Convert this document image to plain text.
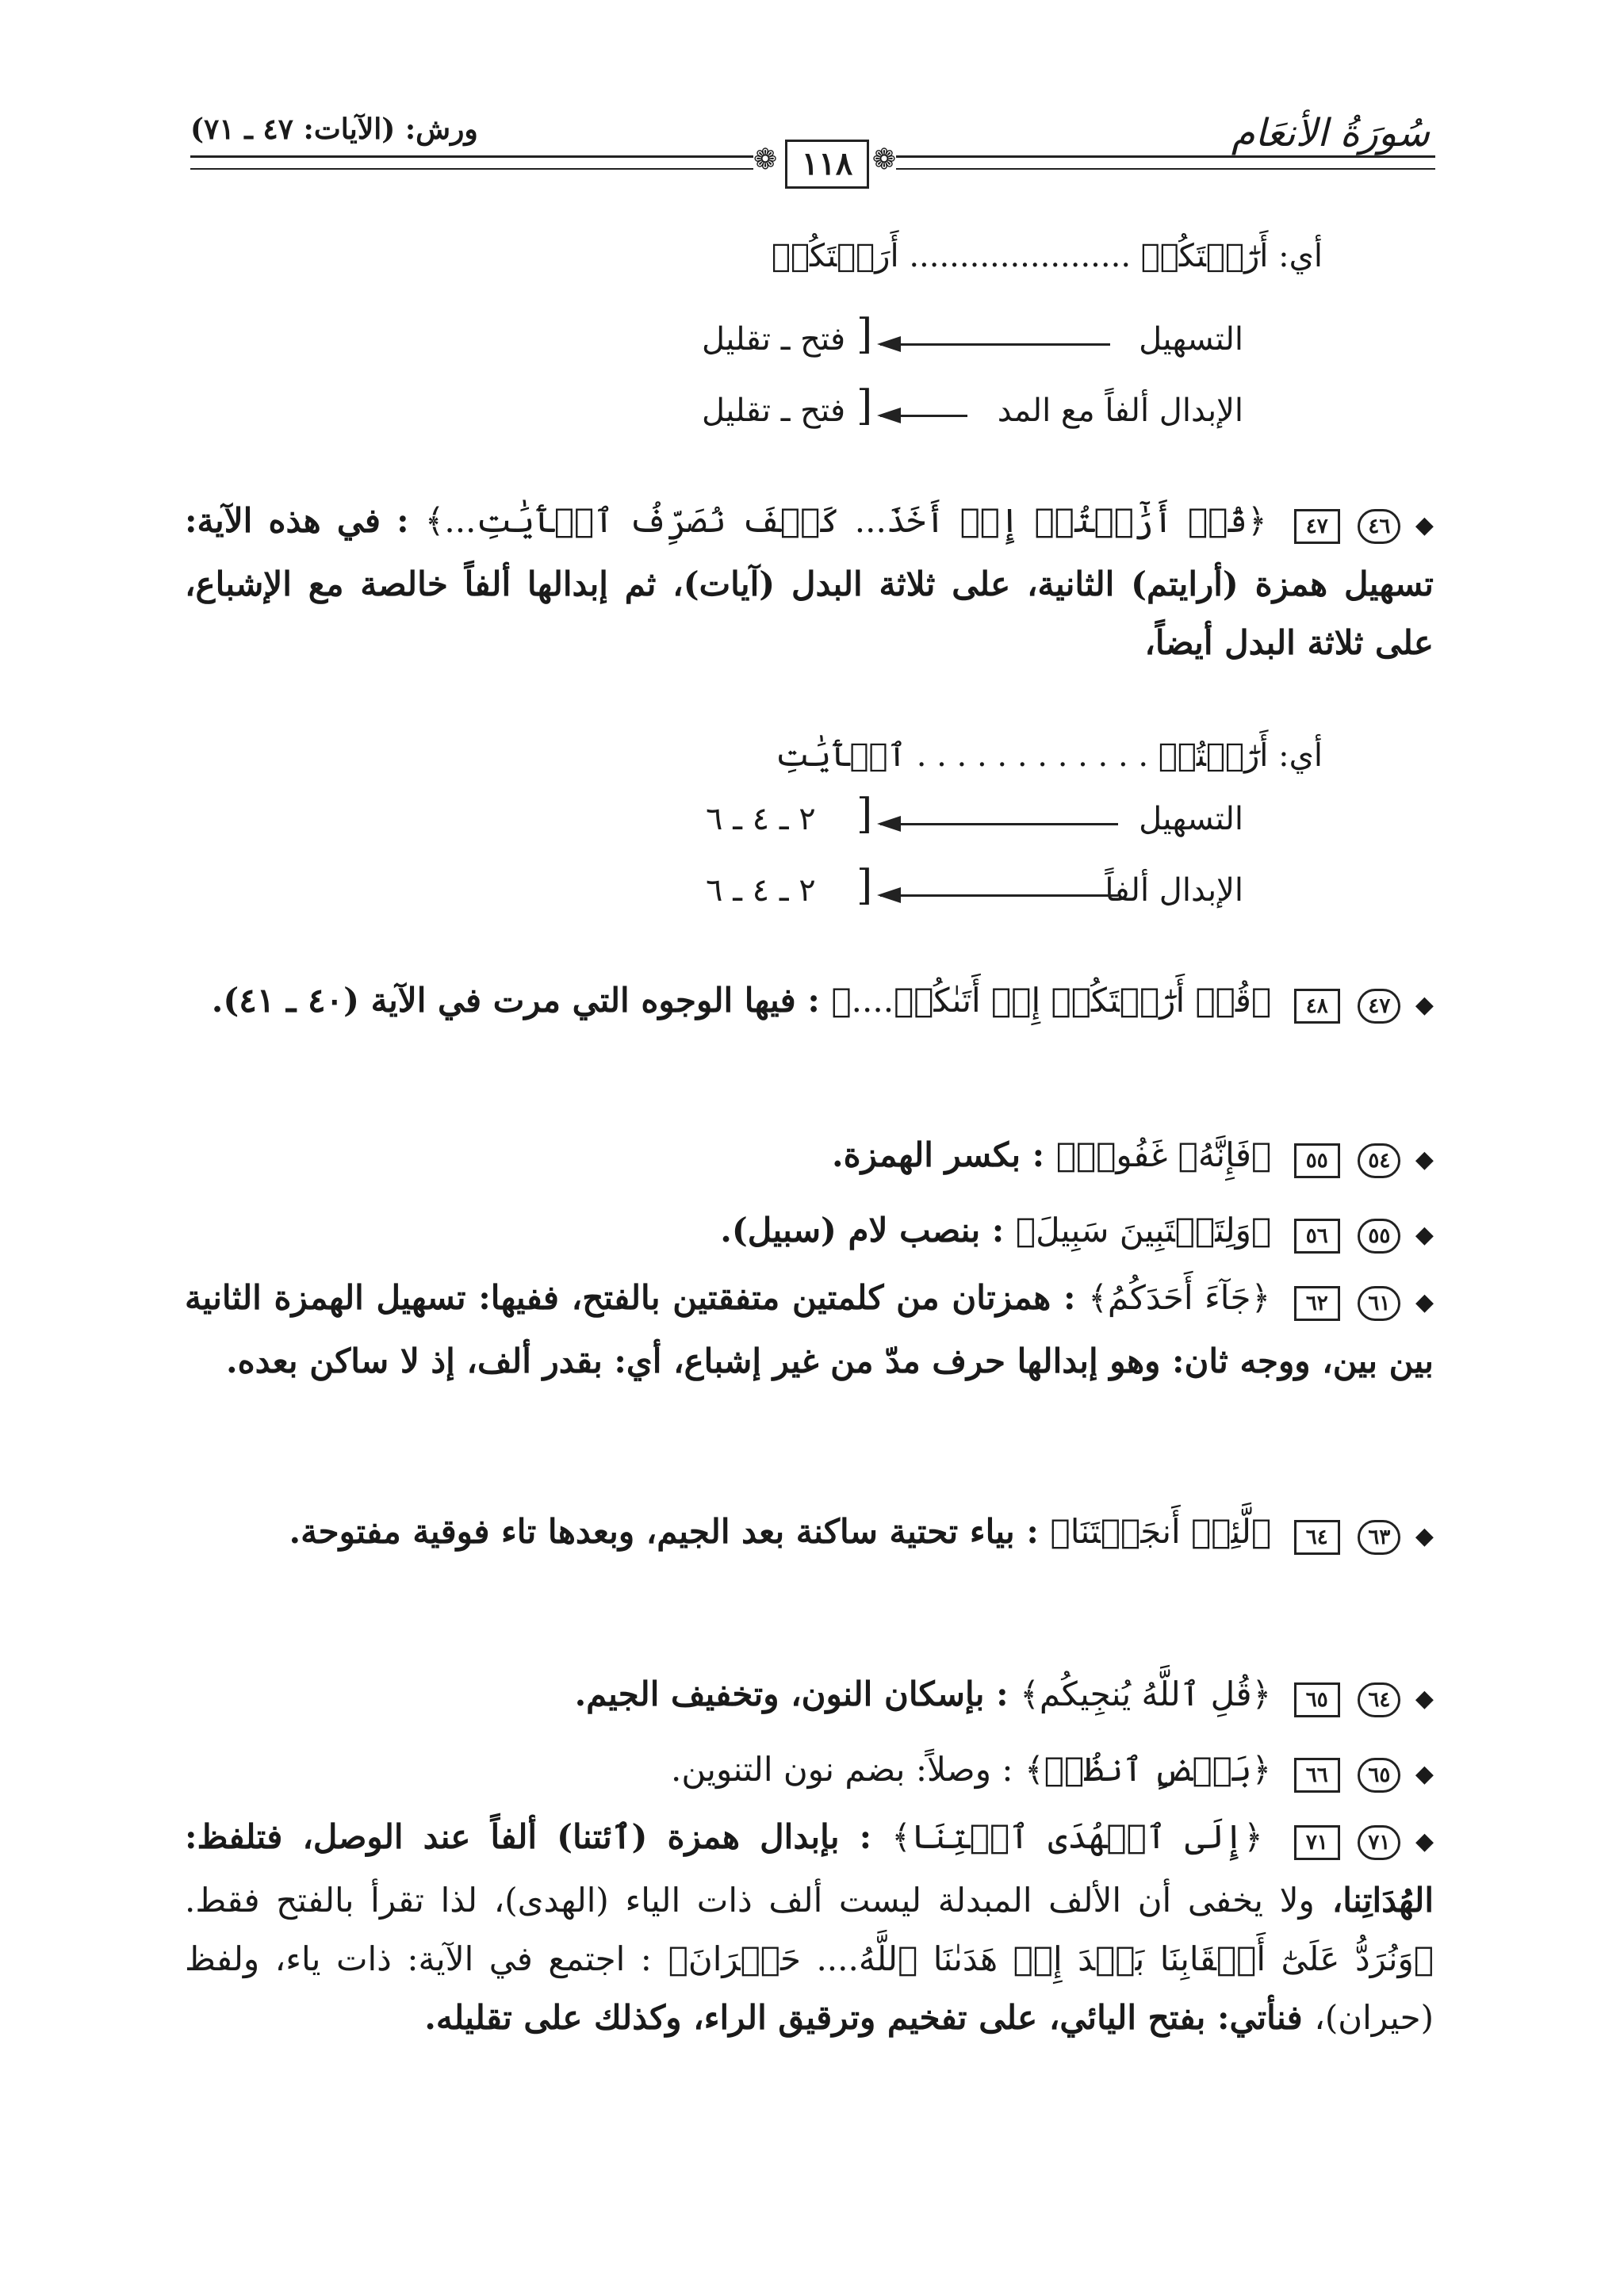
سُورَةُ الأنعَام
ورش: (الآيات: ٤٧ ـ ٧١)
❁ ١١٨ ❁
أي: أَرَٰٓيۡتَكُمۡ ...................... أَرَيۡتَكُمۡ
التسهيل
[
فتح ـ تقليل
الإبدال ألفاً مع المد
[
فتح ـ تقليل
◆ ٤٦ ٤٧ ﴿قُلۡ أَرَٰٓيۡتُمۡ إِنۡ أَخَذَ... كَيۡفَ نُصَرِّفُ ٱلۡأٓيَٰتِ...﴾ : في هذه الآية: تسهيل همزة (أرايتم) الثانية، على ثلاثة البدل (آيات)، ثم إبدالها ألفاً خالصة مع الإشباع، على ثلاثة البدل أيضاً،
أي: أَرَٰٓيۡتُمۡ . . . . . . . . . . . . ٱلۡأٓيَٰتِ
التسهيل
[
٢ ـ ٤ ـ ٦
الإبدال ألفاً
[
٢ ـ ٤ ـ ٦
◆ ٤٧ ٤٨ ﴿قُلۡ أَرَٰٓيۡتَكُمۡ إِنۡ أَتَىٰكُمۡ....﴾ : فيها الوجوه التي مرت في الآية (٤٠ ـ ٤١).
◆ ٥٤ ٥٥ ﴿فَإِنَّهُۥ غَفُورٞ﴾ : بكسر الهمزة.
◆ ٥٥ ٥٦ ﴿وَلِتَسۡتَبِينَ سَبِيلَ﴾ : بنصب لام (سبيل).
◆ ٦١ ٦٢ ﴿جَآءَ أَحَدَكُمُ﴾ : همزتان من كلمتين متفقتين بالفتح، ففيها: تسهيل الهمزة الثانية بين بين، ووجه ثان: وهو إبدالها حرف مدّ من غير إشباع، أي: بقدر ألف، إذ لا ساكن بعده.
◆ ٦٣ ٦٤ ﴿لَّئِنۡ أَنجَيۡتَنَا﴾ : بياء تحتية ساكنة بعد الجيم، وبعدها تاء فوقية مفتوحة.
◆ ٦٤ ٦٥ ﴿قُلِ ٱللَّهُ يُنجِيكُم﴾ : بإسكان النون، وتخفيف الجيم.
◆ ٦٥ ٦٦ ﴿بَعۡضٍ ٱنظُرۡ﴾ : وصلاً: بضم نون التنوين.
◆ ٧١ ٧١ ﴿إِلَى ٱلۡهُدَى ٱئۡتِنَا﴾ : بإبدال همزة (ٱئتنا) ألفاً عند الوصل، فتلفظ: الهُدَاتِنا، ولا يخفى أن الألف المبدلة ليست ألف ذات الياء (الهدى)، لذا تقرأ بالفتح فقط. ﴿وَنُرَدُّ عَلَىٰٓ أَعۡقَابِنَا بَعۡدَ إِذۡ هَدَىٰنَا ٱللَّهُ.... حَيۡرَانَ﴾ : اجتمع في الآية: ذات ياء، ولفظ (حيران)، فنأتي: بفتح اليائي، على تفخيم وترقيق الراء، وكذلك على تقليله.
